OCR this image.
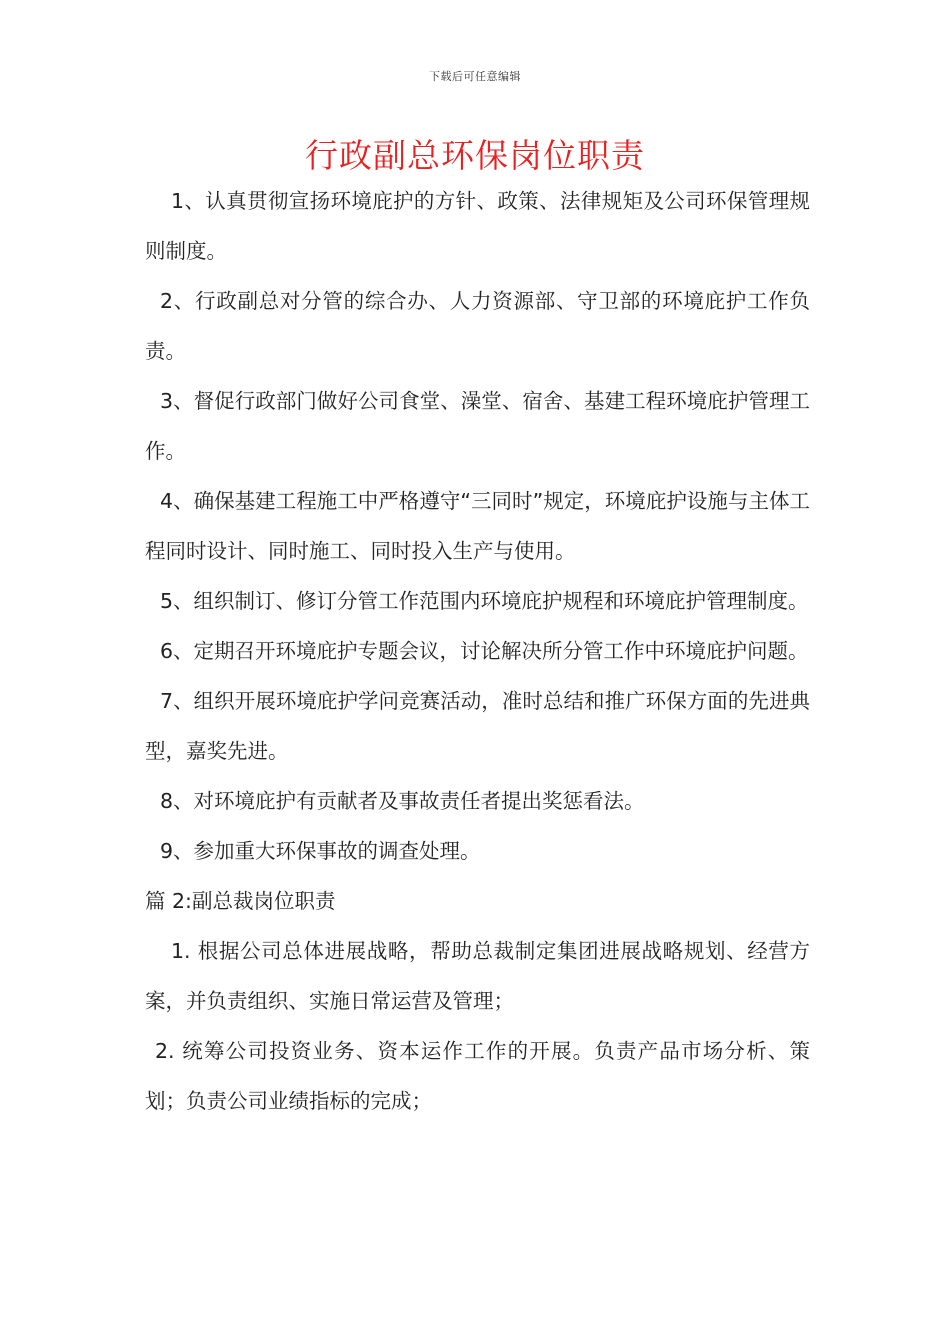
下载后可任意编辑
行政副总环保岗位职责

1、认真贯彻宣扬环境庇护的方针、政策、法律规矩及公司环保管理规则制度。

2、行政副总对分管的综合办、人力资源部、守卫部的环境庇护工作负责。

3、督促行政部门做好公司食堂、澡堂、宿舍、基建工程环境庇护管理工作。

4、确保基建工程施工中严格遵守“三同时”规定，环境庇护设施与主体工程同时设计、同时施工、同时投入生产与使用。

5、组织制订、修订分管工作范围内环境庇护规程和环境庇护管理制度。

6、定期召开环境庇护专题会议，讨论解决所分管工作中环境庇护问题。

7、组织开展环境庇护学问竞赛活动，准时总结和推广环保方面的先进典型，嘉奖先进。

8、对环境庇护有贡献者及事故责任者提出奖惩看法。

9、参加重大环保事故的调查处理。

篇 2:副总裁岗位职责

1. 根据公司总体进展战略，帮助总裁制定集团进展战略规划、经营方案，并负责组织、实施日常运营及管理；

2. 统筹公司投资业务、资本运作工作的开展。负责产品市场分析、策划；负责公司业绩指标的完成；
